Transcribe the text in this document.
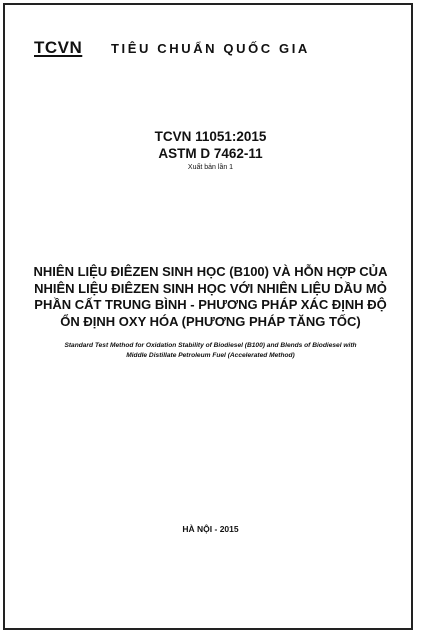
TCVN TIÊU CHUẨN QUỐC GIA
TCVN 11051:2015
ASTM D 7462-11
Xuất bản lần 1
NHIÊN LIỆU ĐIÊZEN SINH HỌC (B100) VÀ HỖN HỢP CỦA
NHIÊN LIỆU ĐIÊZEN SINH HỌC VỚI NHIÊN LIỆU DẦU MỎ
PHẦN CẤT TRUNG BÌNH - PHƯƠNG PHÁP XÁC ĐỊNH ĐỘ
ỔN ĐỊNH OXY HÓA (PHƯƠNG PHÁP TĂNG TỐC)
Standard Test Method for Oxidation Stability of Biodiesel (B100) and Blends of Biodiesel with
Middle Distillate Petroleum Fuel (Accelerated Method)
HÀ NỘI - 2015
